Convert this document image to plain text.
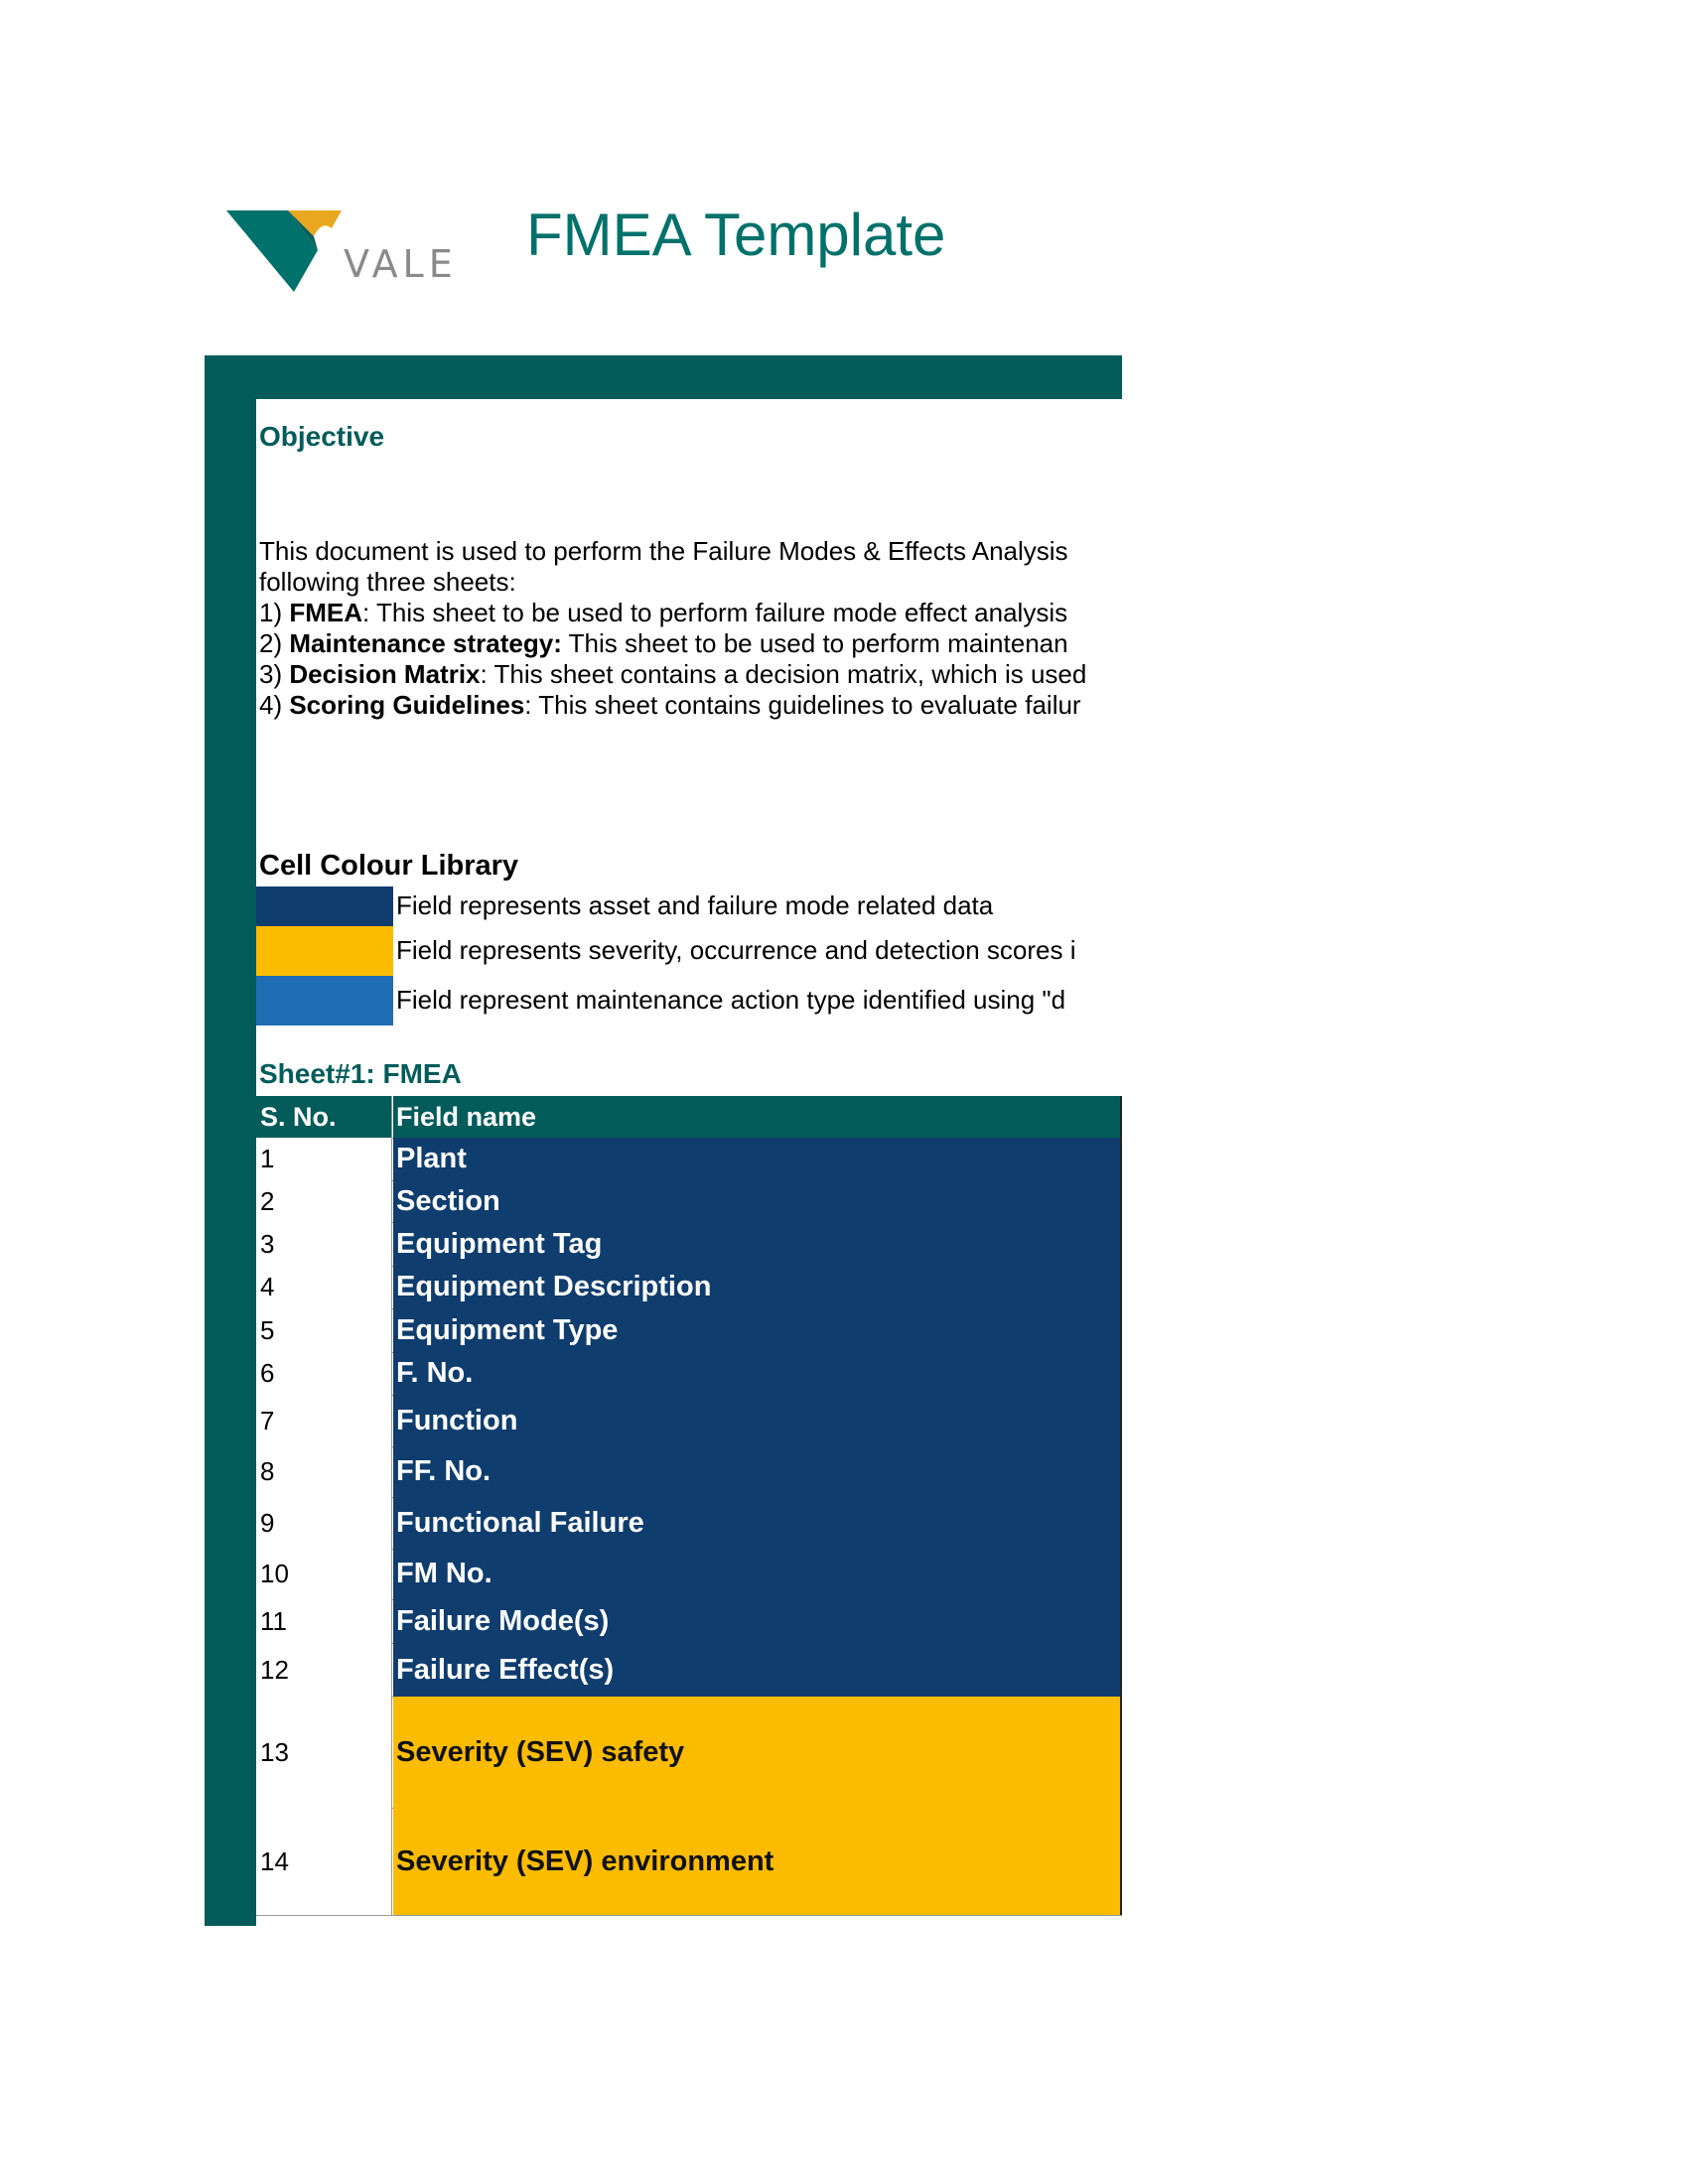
VALE FMEA Template
Objective
This document is used to perform the Failure Modes & Effects Analysis
following three sheets:
1) FMEA: This sheet to be used to perform failure mode effect analysis
2) Maintenance strategy: This sheet to be used to perform maintenan
3) Decision Matrix: This sheet contains a decision matrix, which is used
4) Scoring Guidelines: This sheet contains guidelines to evaluate failur
Cell Colour Library
Field represents asset and failure mode related data
Field represents severity, occurrence and detection scores i
Field represent maintenance action type identified using "d
Sheet#1: FMEA
S. No.	Field name
1	Plant
2	Section
3	Equipment Tag
4	Equipment Description
5	Equipment Type
6	F. No.
7	Function
8	FF. No.
9	Functional Failure
10	FM No.
11	Failure Mode(s)
12	Failure Effect(s)
13	Severity (SEV) safety
14	Severity (SEV) environment
